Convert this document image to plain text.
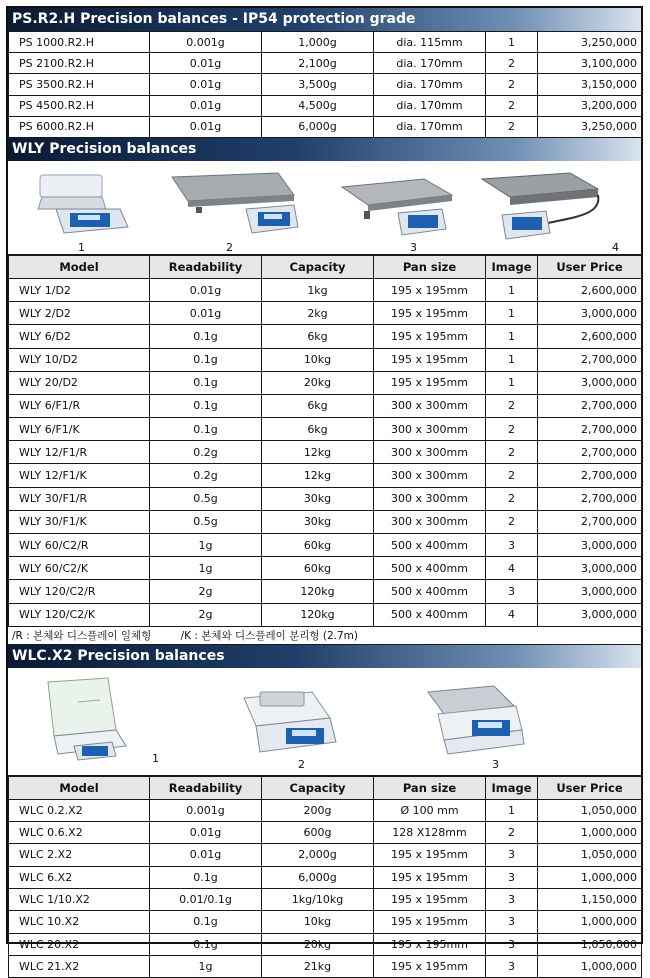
PS.R2.H Precision balances - IP54 protection grade
PS 1000.R2.H	0.001g	1,000g	dia. 115mm	1	3,250,000
PS 2100.R2.H	0.01g	2,100g	dia. 170mm	2	3,100,000
PS 3500.R2.H	0.01g	3,500g	dia. 170mm	2	3,150,000
PS 4500.R2.H	0.01g	4,500g	dia. 170mm	2	3,200,000
PS 6000.R2.H	0.01g	6,000g	dia. 170mm	2	3,250,000
WLY Precision balances
1	2	3	4
Model	Readability	Capacity	Pan size	Image	User Price
WLY 1/D2	0.01g	1kg	195 x 195mm	1	2,600,000
WLY 2/D2	0.01g	2kg	195 x 195mm	1	3,000,000
WLY 6/D2	0.1g	6kg	195 x 195mm	1	2,600,000
WLY 10/D2	0.1g	10kg	195 x 195mm	1	2,700,000
WLY 20/D2	0.1g	20kg	195 x 195mm	1	3,000,000
WLY 6/F1/R	0.1g	6kg	300 x 300mm	2	2,700,000
WLY 6/F1/K	0.1g	6kg	300 x 300mm	2	2,700,000
WLY 12/F1/R	0.2g	12kg	300 x 300mm	2	2,700,000
WLY 12/F1/K	0.2g	12kg	300 x 300mm	2	2,700,000
WLY 30/F1/R	0.5g	30kg	300 x 300mm	2	2,700,000
WLY 30/F1/K	0.5g	30kg	300 x 300mm	2	2,700,000
WLY 60/C2/R	1g	60kg	500 x 400mm	3	3,000,000
WLY 60/C2/K	1g	60kg	500 x 400mm	4	3,000,000
WLY 120/C2/R	2g	120kg	500 x 400mm	3	3,000,000
WLY 120/C2/K	2g	120kg	500 x 400mm	4	3,000,000
/R : 본체와 디스플레이 일체형	/K : 본체와 디스플레이 분리형 (2.7m)
WLC.X2 Precision balances
1	2	3
Model	Readability	Capacity	Pan size	Image	User Price
WLC 0.2.X2	0.001g	200g	Ø 100 mm	1	1,050,000
WLC 0.6.X2	0.01g	600g	128 X128mm	2	1,000,000
WLC 2.X2	0.01g	2,000g	195 x 195mm	3	1,050,000
WLC 6.X2	0.1g	6,000g	195 x 195mm	3	1,000,000
WLC 1/10.X2	0.01/0.1g	1kg/10kg	195 x 195mm	3	1,150,000
WLC 10.X2	0.1g	10kg	195 x 195mm	3	1,000,000
WLC 20.X2	0.1g	20kg	195 x 195mm	3	1,050,000
WLC 21.X2	1g	21kg	195 x 195mm	3	1,000,000
